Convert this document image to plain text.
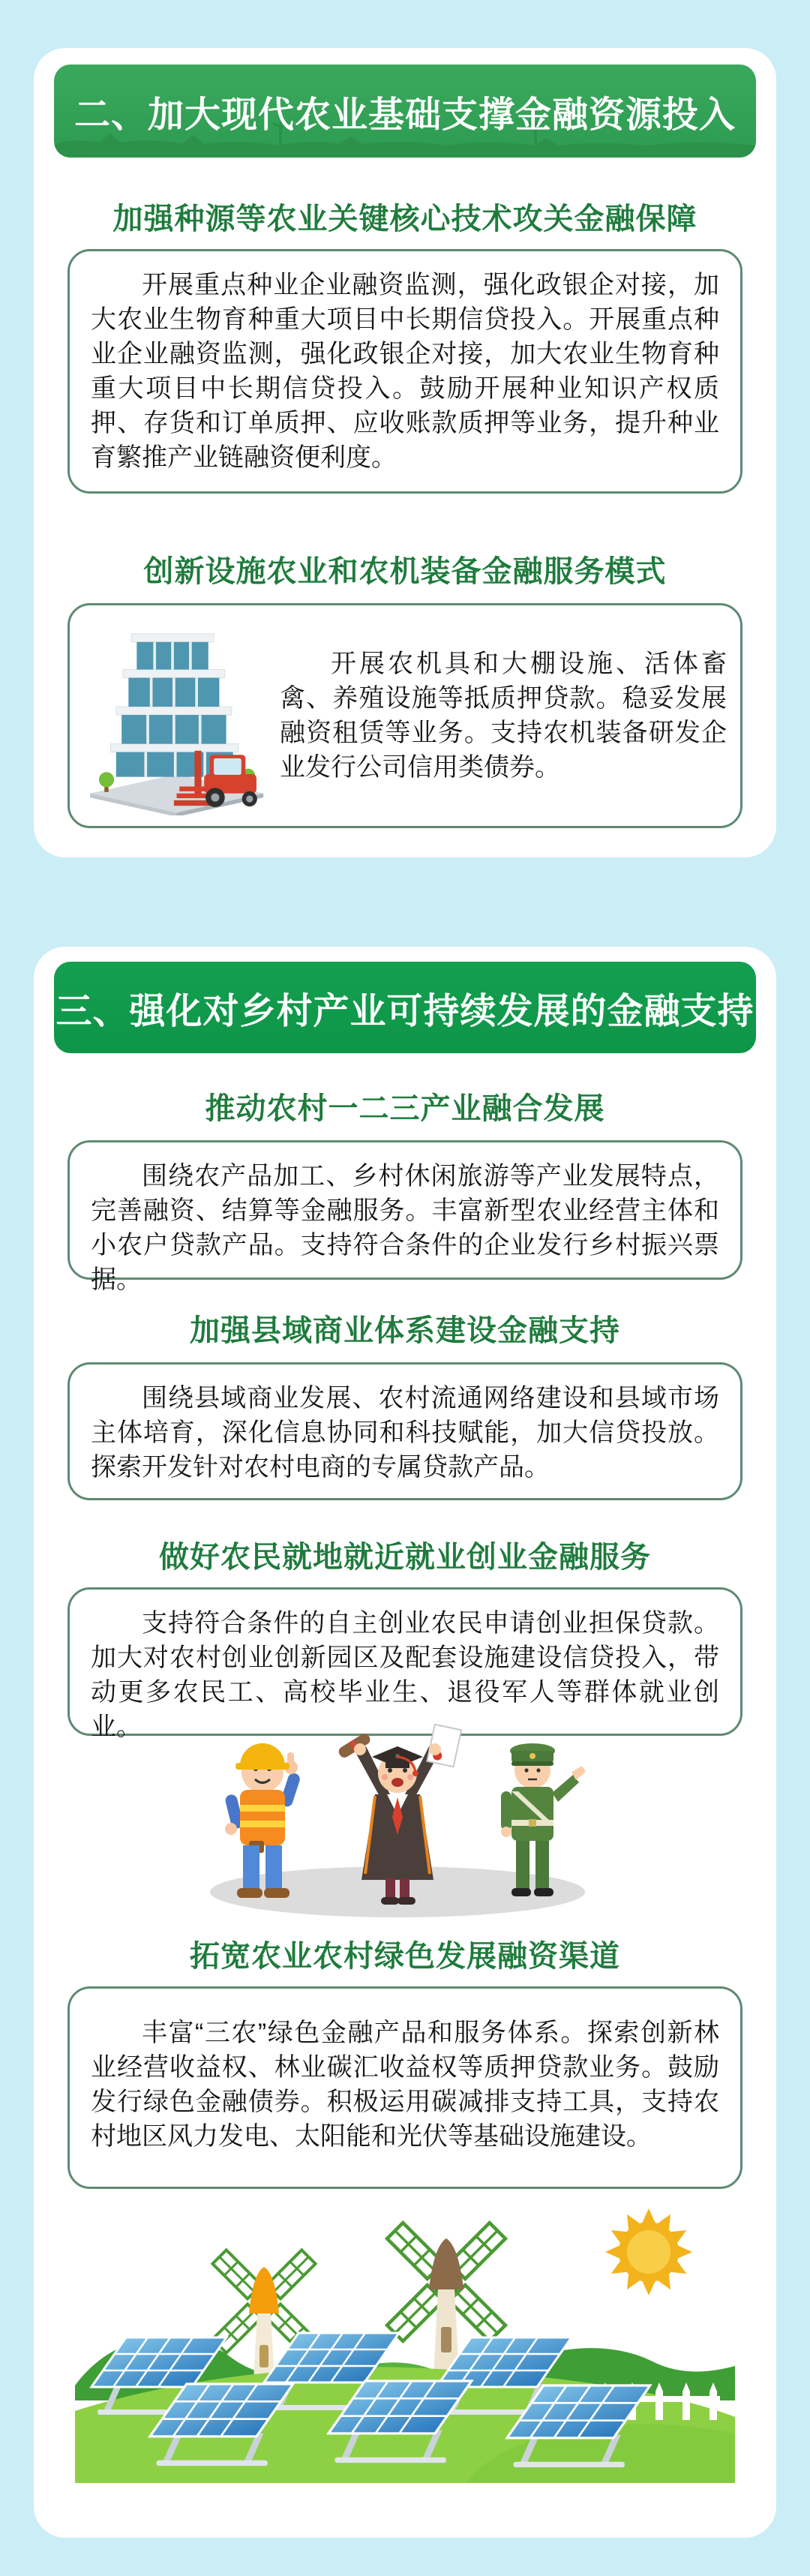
二、加大现代农业基础支撑金融资源投入
加强种源等农业关键核心技术攻关金融保障

开展重点种业企业融资监测，强化政银企对接，加大农业生物育种重大项目中长期信贷投入。开展重点种业企业融资监测，强化政银企对接，加大农业生物育种重大项目中长期信贷投入。鼓励开展种业知识产权质押、存货和订单质押、应收账款质押等业务，提升种业育繁推产业链融资便利度。

创新设施农业和农机装备金融服务模式

开展农机具和大棚设施、活体畜禽、养殖设施等抵质押贷款。稳妥发展融资租赁等业务。支持农机装备研发企业发行公司信用类债券。

三、强化对乡村产业可持续发展的金融支持
推动农村一二三产业融合发展

围绕农产品加工、乡村休闲旅游等产业发展特点，完善融资、结算等金融服务。丰富新型农业经营主体和小农户贷款产品。支持符合条件的企业发行乡村振兴票据。

加强县域商业体系建设金融支持

围绕县域商业发展、农村流通网络建设和县域市场主体培育，深化信息协同和科技赋能，加大信贷投放。探索开发针对农村电商的专属贷款产品。

做好农民就地就近就业创业金融服务

支持符合条件的自主创业农民申请创业担保贷款。加大对农村创业创新园区及配套设施建设信贷投入，带动更多农民工、高校毕业生、退役军人等群体就业创业。

拓宽农业农村绿色发展融资渠道

丰富“三农”绿色金融产品和服务体系。探索创新林业经营收益权、林业碳汇收益权等质押贷款业务。鼓励发行绿色金融债券。积极运用碳减排支持工具，支持农村地区风力发电、太阳能和光伏等基础设施建设。
